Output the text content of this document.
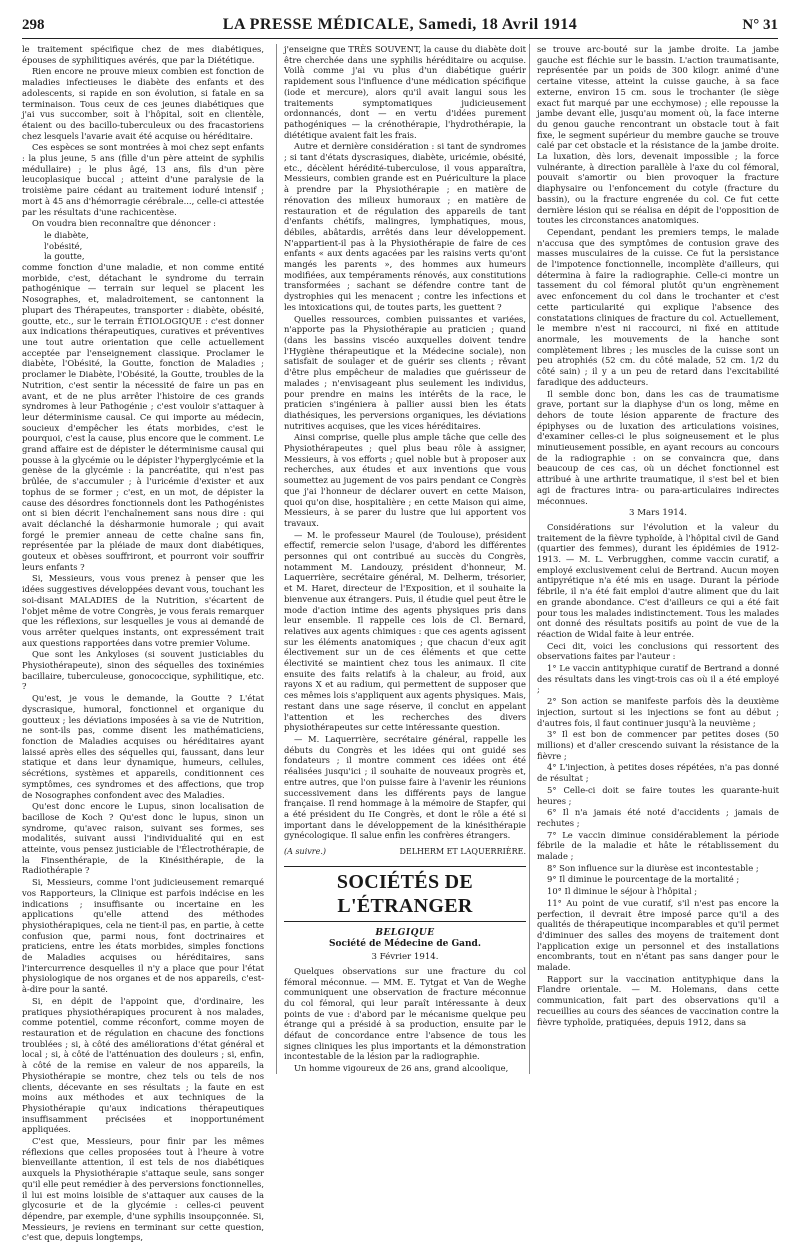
298	LA PRESSE MÉDICALE, Samedi, 18 Avril 1914	N° 31

le traitement spécifique chez de mes diabétiques, épouses de syphilitiques avérés, que par la Diététique.

Rien encore ne prouve mieux combien est fonction de maladies infectieuses le diabète des enfants et des adolescents, si rapide en son évolution, si fatale en sa terminaison. Tous ceux de ces jeunes diabétiques que j'ai vus succomber, soit à l'hôpital, soit en clientèle, étaient ou des bacillo-tuberculeux ou des fracastoriens chez lesquels l'avarie avait été acquise ou héréditaire.

Ces espèces se sont montrées à moi chez sept enfants : la plus jeune, 5 ans (fille d'un père atteint de syphilis médullaire) ; le plus âgé, 13 ans, fils d'un père leucoplasique buccal ; atteint d'une paralysie de la troisième paire cédant au traitement ioduré intensif ; mort à 45 ans d'hémorragie cérébrale..., celle-ci attestée par les résultats d'une rachicentèse.

On voudra bien reconnaître que dénoncer :

le diabète,

l'obésité,

la goutte,

comme fonction d'une maladie, et non comme entité morbide, c'est, détachant le syndrome du terrain pathogénique — terrain sur lequel se placent les Nosographes, et, maladroitement, se cantonnent la plupart des Thérapeutes, transporter : diabète, obésité, goutte, etc., sur le terrain ÉTIOLOGIQUE : c'est donner aux indications thérapeutiques, curatives et préventives une tout autre orientation que celle actuellement acceptée par l'enseignement classique. Proclamer le diabète, l'Obésité, la Goutte, fonction de Maladies ; proclamer le Diabète, l'Obésité, la Goutte, troubles de la Nutrition, c'est sentir la nécessité de faire un pas en avant, et de ne plus arrêter l'histoire de ces grands syndromes à leur Pathogénie ; c'est vouloir s'attaquer à leur déterminisme causal. Ce qui importe au médecin, soucieux d'empêcher les états morbides, c'est le pourquoi, c'est la cause, plus encore que le comment. Le grand affaire est de dépister le déterminisme causal qui pousse à la glycémie ou le dépister l'hyperglycémie et la genèse de la glycémie : la pancréatite, qui n'est pas brûlée, de s'accumuler ; à l'uricémie d'exister et aux tophus de se former ; c'est, en un mot, de dépister la cause des désordres fonctionnels dont les Pathogénistes ont si bien décrit l'enchaînement sans nous dire : qui avait déclanché la désharmonie humorale ; qui avait forgé le premier anneau de cette chaîne sans fin, représentée par la pléiade de maux dont diabétiques, gouteux et obèses souffriront, et pourront voir souffrir leurs enfants ?

Si, Messieurs, vous vous prenez à penser que les idées suggestives développées devant vous, touchant les soi-disant MALADIES de la Nutrition, s'écartent de l'objet même de votre Congrès, je vous ferais remarquer que les réflexions, sur lesquelles je vous ai demandé de vous arrêter quelques instants, ont expressément trait aux questions rapportées dans votre premier Volume.

Que sont les Ankyloses (si souvent justiciables du Physiothérapeute), sinon des séquelles des toxinémies bacillaire, tuberculeuse, gonococcique, syphilitique, etc. ?

Qu'est, je vous le demande, la Goutte ? L'état dyscrasique, humoral, fonctionnel et organique du goutteux ; les déviations imposées à sa vie de Nutrition, ne sont-ils pas, comme disent les mathématiciens, fonction de Maladies acquises ou héréditaires ayant laissé après elles des séquelles qui, faussant, dans leur statique et dans leur dynamique, humeurs, cellules, sécrétions, systèmes et appareils, conditionnent ces symptômes, ces syndromes et des affections, que trop de Nosographes confondent avec des Maladies.

Qu'est donc encore le Lupus, sinon localisation de bacillose de Koch ? Qu'est donc le lupus, sinon un syndrome, qu'avec raison, suivant ses formes, ses modalités, suivant aussi l'individualité qui en est atteinte, vous pensez justiciable de l'Électrothérapie, de la Finsenthérapie, de la Kinésithérapie, de la Radiothérapie ?

Si, Messieurs, comme l'ont judicieusement remarqué vos Rapporteurs, la Clinique est parfois indécise en les indications ; insuffisante ou incertaine en les applications qu'elle attend des méthodes physiothérapiques, cela ne tient-il pas, en partie, à cette confusion que, parmi nous, font doctrinaires et praticiens, entre les états morbides, simples fonctions de Maladies acquises ou héréditaires, sans l'intercurrence desquelles il n'y a place que pour l'état physiologique de nos organes et de nos appareils, c'est-à-dire pour la santé.

Si, en dépit de l'appoint que, d'ordinaire, les pratiques physiothérapiques procurent à nos malades, comme potentiel, comme réconfort, comme moyen de restauration et de régulation en chacune des fonctions troublées ; si, à côté des améliorations d'état général et local ; si, à côté de l'atténuation des douleurs ; si, enfin, à côté de la remise en valeur de nos appareils, la Physiothérapie se montre, chez tels ou tels de nos clients, décevante en ses résultats ; la faute en est moins aux méthodes et aux techniques de la Physiothérapie qu'aux indications thérapeutiques insuffisamment précisées et inopportunément appliquées.

C'est que, Messieurs, pour finir par les mêmes réflexions que celles proposées tout à l'heure à votre bienveillante attention, il est tels de nos diabétiques auxquels la Physiothérapie s'attaque seule, sans songer qu'il elle peut remédier à des perversions fonctionnelles, il lui est moins loisible de s'attaquer aux causes de la glycosurie et de la glycémie : celles-ci peuvent dépendre, par exemple, d'une syphilis insoupçonnée. Si, Messieurs, je reviens en terminant sur cette question, c'est que, depuis longtemps,

j'enseigne que TRÈS SOUVENT, la cause du diabète doit être cherchée dans une syphilis héréditaire ou acquise. Voilà comme j'ai vu plus d'un diabétique guérir rapidement sous l'influence d'une médication spécifique (iode et mercure), alors qu'il avait langui sous les traitements symptomatiques judicieusement ordonnancés, dont — en vertu d'idées purement pathogéniques — la crénothérapie, l'hydrothérapie, la diététique avaient fait les frais.

Autre et dernière considération : si tant de syndromes ; si tant d'états dyscrasiques, diabète, uricémie, obésité, etc., décèlent hérédité-tuberculose, il vous apparaîtra, Messieurs, combien grande est en Puériculture la place à prendre par la Physiothérapie ; en matière de rénovation des milieux humoraux ; en matière de restauration et de régulation des appareils de tant d'enfants chétifs, malingres, lymphatiques, mous, débiles, abâtardis, arrêtés dans leur développement. N'appartient-il pas à la Physiothérapie de faire de ces enfants « aux dents agacées par les raisins verts qu'ont mangés les parents », des hommes aux humeurs modifiées, aux tempéraments rénovés, aux constitutions transformées ; sachant se défendre contre tant de dystrophies qui les menacent ; contre les infections et les intoxications qui, de toutes parts, les guettent ?

Quelles ressources, combien puissantes et variées, n'apporte pas la Physiothérapie au praticien ; quand (dans les bassins viscéo auxquelles doivent tendre l'Hygiène thérapeutique et la Médecine sociale), non satisfait de soulager et de guérir ses clients ; rêvant d'être plus empêcheur de maladies que guérisseur de malades ; n'envisageant plus seulement les individus, pour prendre en mains les intérêts de la race, le praticien s'ingéniera à pallier aussi bien les états diathésiques, les perversions organiques, les déviations nutritives acquises, que les vices héréditaires.

Ainsi comprise, quelle plus ample tâche que celle des Physiothérapeutes ; quel plus beau rôle à assigner, Messieurs, à vos efforts ; quel noble but à proposer aux recherches, aux études et aux inventions que vous soumettez au jugement de vos pairs pendant ce Congrès que j'ai l'honneur de déclarer ouvert en cette Maison, quoi qu'on dise, hospitalière ; en cette Maison qui aime, Messieurs, à se parer du lustre que lui apportent vos travaux.

— M. le professeur Maurel (de Toulouse), président effectif, remercie selon l'usage, d'abord les différentes personnes qui ont contribué au succès du Congrès, notamment M. Landouzy, président d'honneur, M. Laquerrière, secrétaire général, M. Delherm, trésorier, et M. Haret, directeur de l'Exposition, et il souhaite la bienvenue aux étrangers. Puis, il étudie quel peut être le mode d'action intime des agents physiques pris dans leur ensemble. Il rappelle ces lois de Cl. Bernard, relatives aux agents chimiques : que ces agents agissent sur les éléments anatomiques ; que chacun d'eux agit électivement sur un de ces éléments et que cette électivité se maintient chez tous les animaux. Il cite ensuite des faits relatifs à la chaleur, au froid, aux rayons X et au radium, qui permettent de supposer que ces mêmes lois s'appliquent aux agents physiques. Mais, restant dans une sage réserve, il conclut en appelant l'attention et les recherches des divers physiothérapeutes sur cette intéressante question.

— M. Laquerrière, secrétaire général, rappelle les débuts du Congrès et les idées qui ont guidé ses fondateurs ; il montre comment ces idées ont été réalisées jusqu'ici ; il souhaite de nouveaux progrès et, entre autres, que l'on puisse faire à l'avenir les réunions successivement dans les différents pays de langue française. Il rend hommage à la mémoire de Stapfer, qui a été président du IIe Congrès, et dont le rôle a été si important dans le développement de la kinésithérapie gynécologique. Il salue enfin les confrères étrangers.

(A suivre.)	DELHERM ET LAQUERRIÈRE.
SOCIÉTÉS DE L'ÉTRANGER
BELGIQUE
Société de Médecine de Gand.
3 Février 1914.

Quelques observations sur une fracture du col fémoral méconnue. — MM. E. Tytgat et Van de Weghe communiquent une observation de fracture méconnue du col fémoral, qui leur paraît intéressante à deux points de vue : d'abord par le mécanisme quelque peu étrange qui a présidé à sa production, ensuite par le défaut de concordance entre l'absence de tous les signes cliniques les plus importants et la démonstration incontestable de la lésion par la radiographie.

Un homme vigoureux de 26 ans, grand alcoolique,

se trouve arc-bouté sur la jambe droite. La jambe gauche est fléchie sur le bassin. L'action traumatisante, représentée par un poids de 300 kilogr. animé d'une certaine vitesse, atteint la cuisse gauche, à sa face externe, environ 15 cm. sous le trochanter (le siège exact fut marqué par une ecchymose) ; elle repousse la jambe devant elle, jusqu'au moment où, la face interne du genou gauche rencontrant un obstacle tout à fait fixe, le segment supérieur du membre gauche se trouve calé par cet obstacle et la résistance de la jambe droite. La luxation, dès lors, devenait impossible ; la force vulnérante, à direction parallèle à l'axe du col fémoral, pouvait s'amortir ou bien provoquer la fracture diaphysaire ou l'enfoncement du cotyle (fracture du bassin), ou la fracture engrenée du col. Ce fut cette dernière lésion qui se réalisa en dépit de l'opposition de toutes les circonstances anatomiques.

Cependant, pendant les premiers temps, le malade n'accusa que des symptômes de contusion grave des masses musculaires de la cuisse. Ce fut la persistance de l'impotence fonctionnelle, incomplète d'ailleurs, qui détermina à faire la radiographie. Celle-ci montre un tassement du col fémoral plutôt qu'un engrènement avec enfoncement du col dans le trochanter et c'est cette particularité qui explique l'absence des constatations cliniques de fracture du col. Actuellement, le membre n'est ni raccourci, ni fixé en attitude anormale, les mouvements de la hanche sont complètement libres ; les muscles de la cuisse sont un peu atrophiés (52 cm. du côté malade, 52 cm. 1/2 du côté sain) ; il y a un peu de retard dans l'excitabilité faradique des adducteurs.

Il semble donc bon, dans les cas de traumatisme grave, portant sur la diaphyse d'un os long, même en dehors de toute lésion apparente de fracture des épiphyses ou de luxation des articulations voisines, d'examiner celles-ci le plus soigneusement et le plus minutieusement possible, en ayant recours au concours de la radiographie : on se convaincra que, dans beaucoup de ces cas, où un déchet fonctionnel est attribué à une arthrite traumatique, il s'est bel et bien agi de fractures intra- ou para-articulaires indirectes méconnues.

3 Mars 1914.

Considérations sur l'évolution et la valeur du traitement de la fièvre typhoïde, à l'hôpital civil de Gand (quartier des femmes), durant les épidémies de 1912-1913. — M. L. Verbrugghen, comme vaccin curatif, a employé exclusivement celui de Bertrand. Aucun moyen antipyrétique n'a été mis en usage. Durant la période fébrile, il n'a été fait emploi d'autre aliment que du lait en grande abondance. C'est d'ailleurs ce qui a été fait pour tous les malades indistinctement. Tous les malades ont donné des résultats positifs au point de vue de la réaction de Widal faite à leur entrée.

Ceci dit, voici les conclusions qui ressortent des observations faites par l'auteur :

1° Le vaccin antityphique curatif de Bertrand a donné des résultats dans les vingt-trois cas où il a été employé ;

2° Son action se manifeste parfois dès la deuxième injection, surtout si les injections se font au début ; d'autres fois, il faut continuer jusqu'à la neuvième ;

3° Il est bon de commencer par petites doses (50 millions) et d'aller crescendo suivant la résistance de la fièvre ;

4° L'injection, à petites doses répétées, n'a pas donné de résultat ;

5° Celle-ci doit se faire toutes les quarante-huit heures ;

6° Il n'a jamais été noté d'accidents ; jamais de rechutes ;

7° Le vaccin diminue considérablement la période fébrile de la maladie et hâte le rétablissement du malade ;

8° Son influence sur la diurèse est incontestable ;

9° Il diminue le pourcentage de la mortalité ;

10° Il diminue le séjour à l'hôpital ;

11° Au point de vue curatif, s'il n'est pas encore la perfection, il devrait être imposé parce qu'il a des qualités de thérapeutique incomparables et qu'il permet d'diminuer des salles des moyens de traitement dont l'application exige un personnel et des installations encombrants, tout en n'étant pas sans danger pour le malade.

Rapport sur la vaccination antityphique dans la Flandre orientale. — M. Holemans, dans cette communication, fait part des observations qu'il a recueillies au cours des séances de vaccination contre la fièvre typhoïde, pratiquées, depuis 1912, dans sa
